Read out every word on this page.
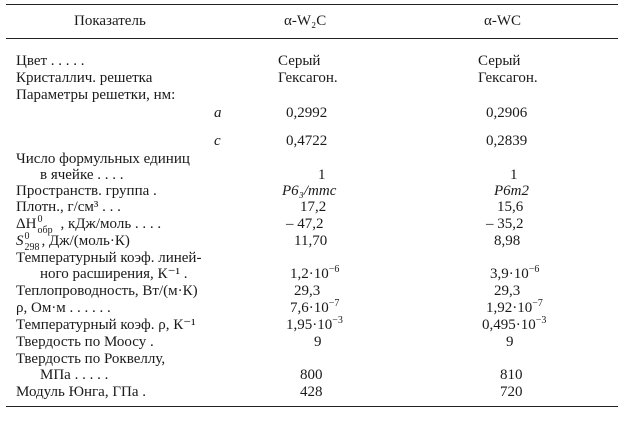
Показатель	α-W₂C	α-WC
Цвет . . . . .	Серый	Серый
Кристаллич. решетка	Гексагон.	Гексагон.
Параметры решетки, нм:
a	0,2992	0,2906
c	0,4722	0,2839
Число формульных единиц
в ячейке . . . .	1	1
Пространств. группа .	P6₃/mmc	P6m2
Плотн., г/см³ . . .	17,2	15,6
ΔH 0
обр , кДж/моль . . . .	– 47,2	– 35,2
S 0
298 , Дж/(моль·К)	11,70	8,98
Температурный коэф. линей-
ного расширения, К⁻¹ .	$1,2\cdot 10^{-6}$	$3,9\cdot 10^{-6}$
Теплопроводность, Вт/(м·К)	29,3	29,3
ρ, Ом·м . . . . . .	$7,6\cdot 10^{-7}$	$1,92\cdot 10^{-7}$
Температурный коэф. ρ, К⁻¹	$1,95\cdot 10^{-3}$	$0,495\cdot 10^{-3}$
Твердость по Моосу .	9	9
Твердость по Роквеллу,
МПа . . . . .	800	810
Модуль Юнга, ГПа .	428	720
